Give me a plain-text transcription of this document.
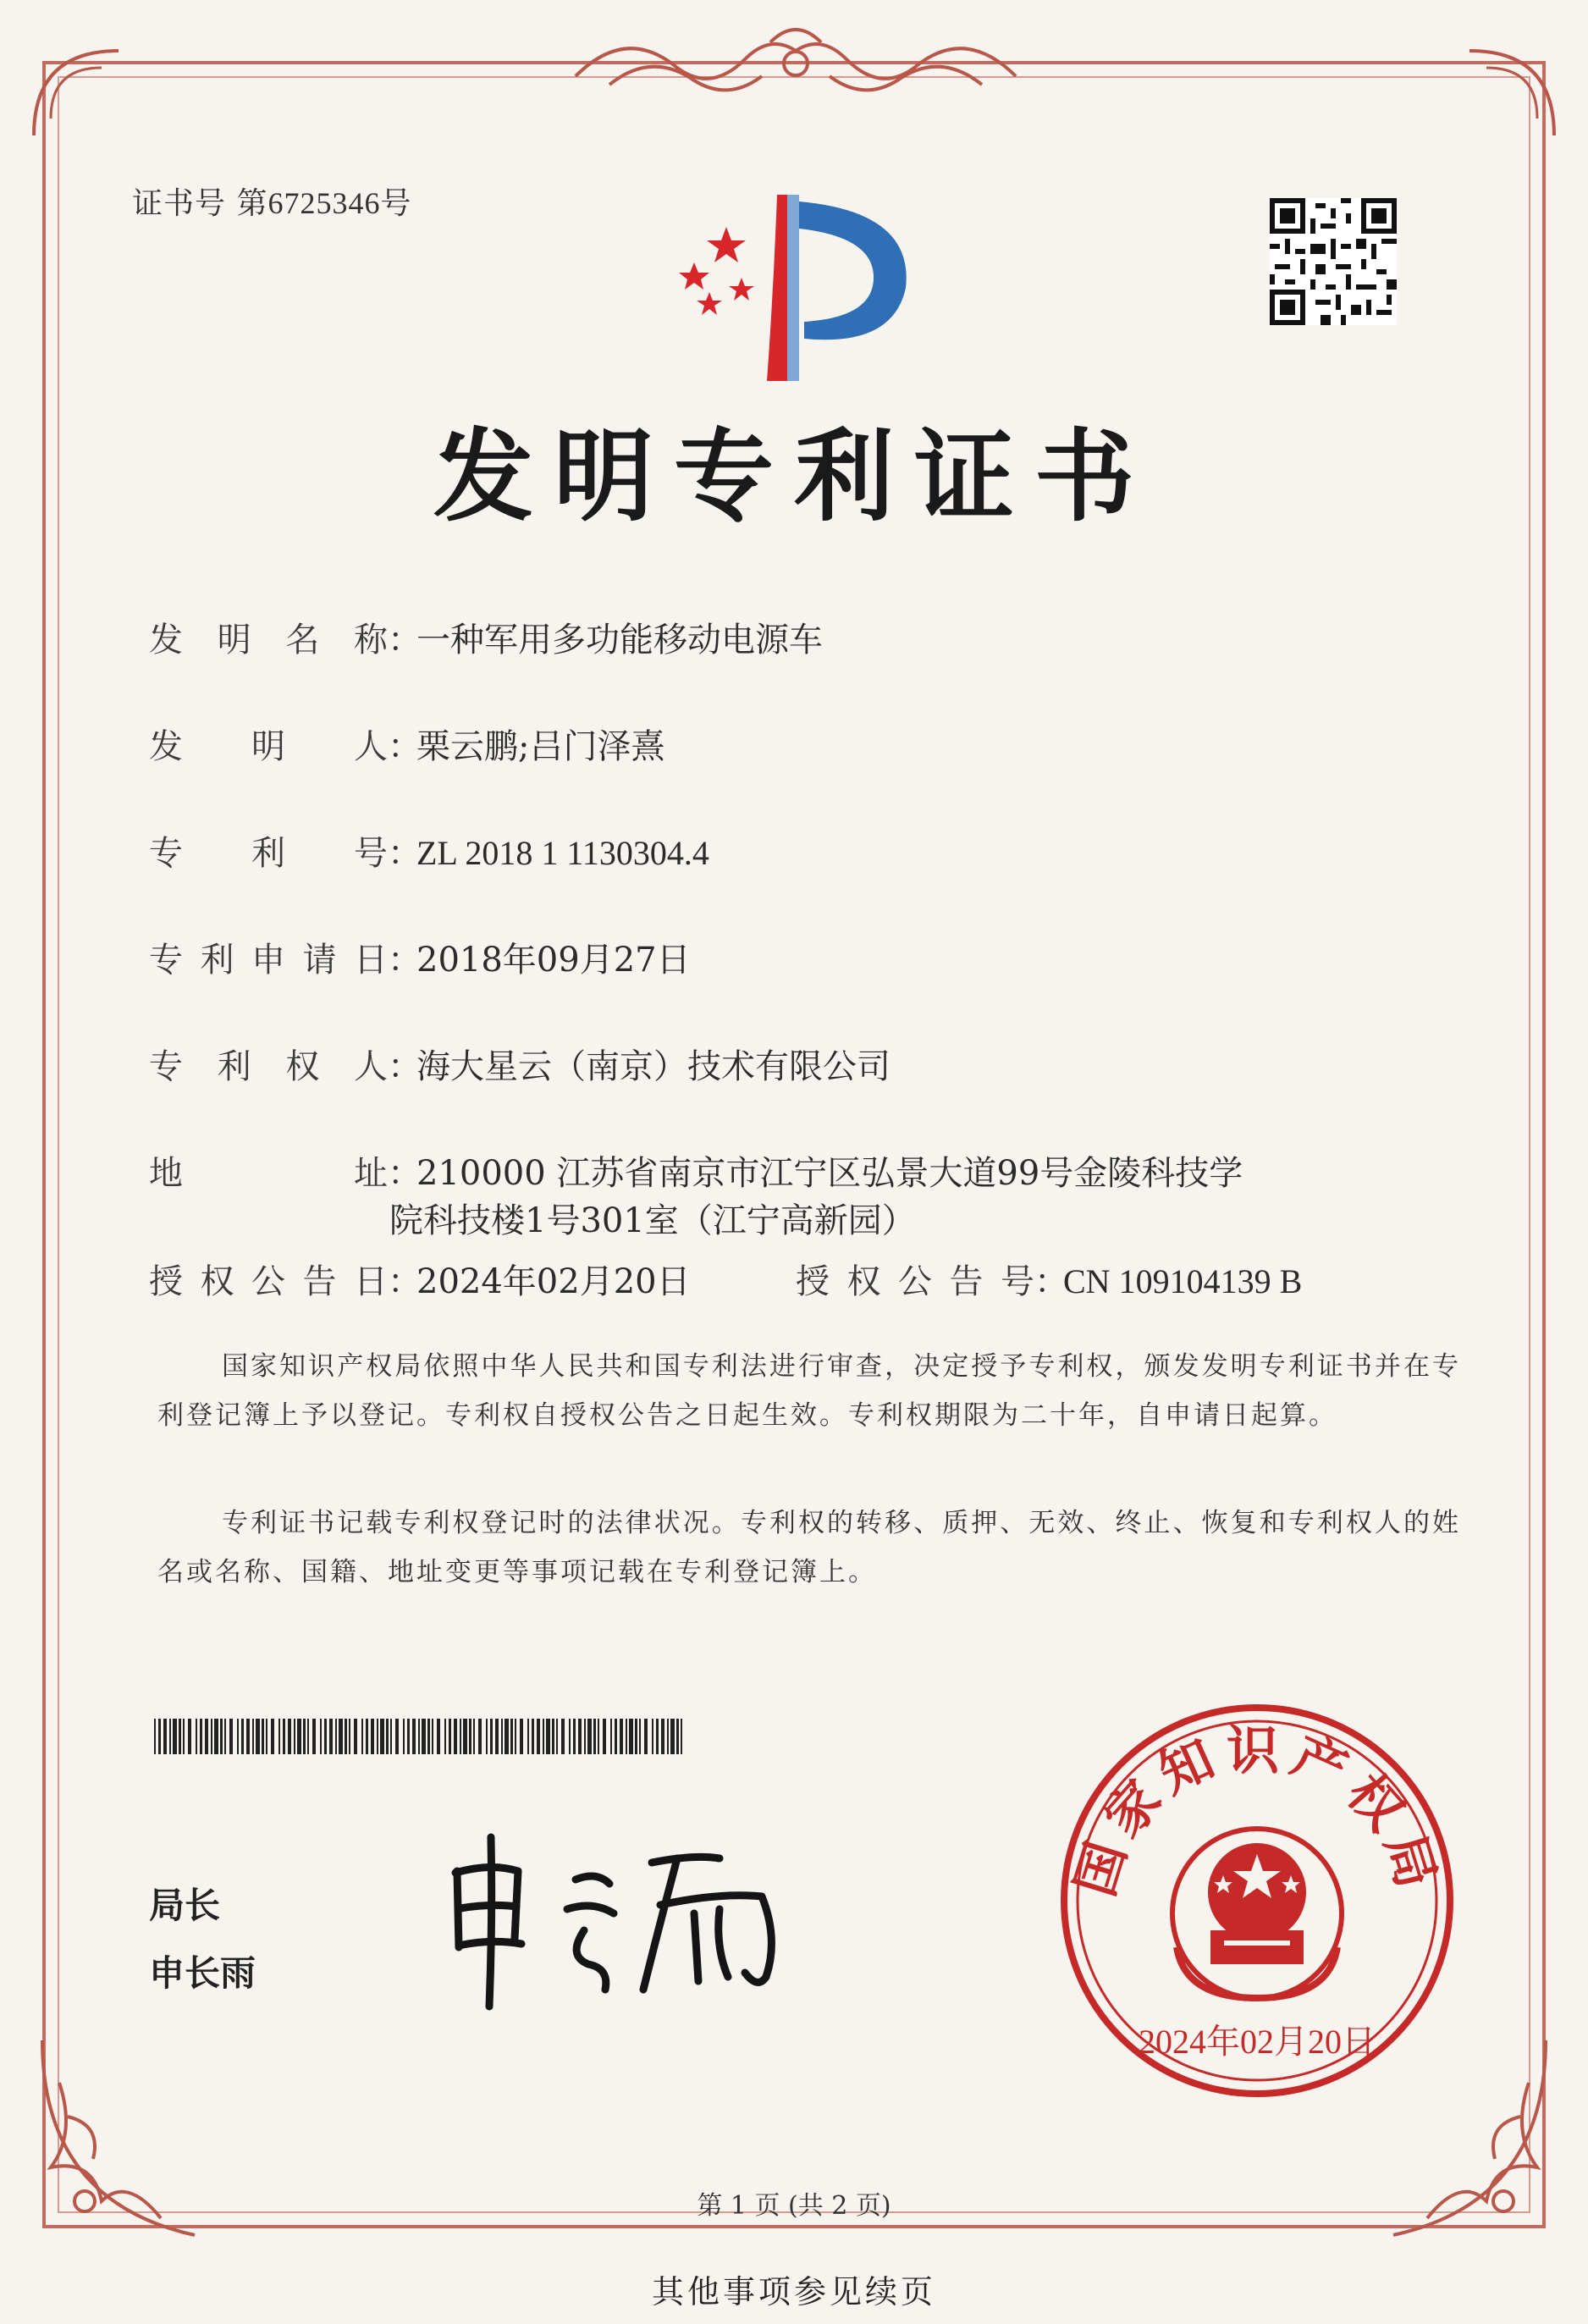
证书号 第6725346号
发明专利证书
发明名称：一种军用多功能移动电源车
发明人：栗云鹏;吕门泽熹
专利号：ZL 2018 1 1130304.4
专利申请日：2018年09月27日
专利权人：海大星云（南京）技术有限公司
地址：210000 江苏省南京市江宁区弘景大道99号金陵科技学
院科技楼1号301室（江宁高新园）
授权公告日：2024年02月20日	授权公告号：CN 109104139 B
国家知识产权局依照中华人民共和国专利法进行审查，决定授予专利权，颁发发明专利证书并在专利登记簿上予以登记。专利权自授权公告之日起生效。专利权期限为二十年，自申请日起算。
专利证书记载专利权登记时的法律状况。专利权的转移、质押、无效、终止、恢复和专利权人的姓名或名称、国籍、地址变更等事项记载在专利登记簿上。
局长
申长雨
国家知识产权局
2024年02月20日
第 1 页 (共 2 页)
其他事项参见续页
